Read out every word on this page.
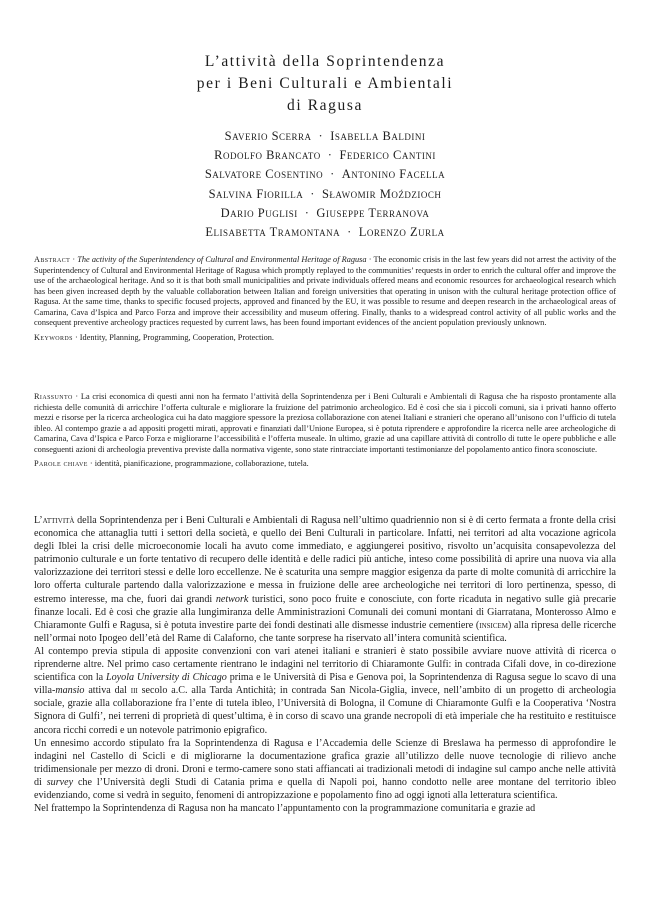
L’attività della Soprintendenza
per i Beni Culturali e Ambientali
di Ragusa
Saverio Scerra · Isabella Baldini
Rodolfo Brancato · Federico Cantini
Salvatore Cosentino · Antonino Facella
Salvina Fiorilla · Sławomir Moździoch
Dario Puglisi · Giuseppe Terranova
Elisabetta Tramontana · Lorenzo Zurla

Abstract · The activity of the Superintendency of Cultural and Environmental Heritage of Ragusa · The economic crisis in the last few years did not arrest the activity of the Superintendency of Cultural and Environmental Heritage of Ragusa which promptly replayed to the communities’ requests in order to enrich the cultural offer and improve the use of the archaeological heritage. And so it is that both small municipalities and private individuals offered means and economic resources for archaeological research which has been given increased depth by the valuable collaboration between Italian and foreign universities that operating in unison with the cultural heritage protection office of Ragusa. At the same time, thanks to specific focused projects, approved and financed by the EU, it was possible to resume and deepen research in the archaeological areas of Camarina, Cava d’Ispica and Parco Forza and improve their accessibility and museum offering. Finally, thanks to a widespread control activity of all public works and the consequent preventive archeology practices requested by current laws, has been found important evidences of the ancient population previously unknown.

Keywords · Identity, Planning, Programming, Cooperation, Protection.

Riassunto · La crisi economica di questi anni non ha fermato l’attività della Soprintendenza per i Beni Culturali e Ambientali di Ragusa che ha risposto prontamente alla richiesta delle comunità di arricchire l’offerta culturale e migliorare la fruizione del patrimonio archeologico. Ed è così che sia i piccoli comuni, sia i privati hanno offerto mezzi e risorse per la ricerca archeologica cui ha dato maggiore spessore la preziosa collaborazione con atenei Italiani e stranieri che operano all’unisono con l’ufficio di tutela ibleo. Al contempo grazie a ad appositi progetti mirati, approvati e finanziati dall’Unione Europea, si è potuta riprendere e approfondire la ricerca nelle aree archeologiche di Camarina, Cava d’Ispica e Parco Forza e migliorarne l’accessibilità e l’offerta museale. In ultimo, grazie ad una capillare attività di controllo di tutte le opere pubbliche e alle conseguenti azioni di archeologia preventiva previste dalla normativa vigente, sono state rintracciate importanti testimonianze del popolamento antico finora sconosciute.

Parole chiave · identità, pianificazione, programmazione, collaborazione, tutela.

L’attività della Soprintendenza per i Beni Culturali e Ambientali di Ragusa nell’ultimo quadriennio non si è di certo fermata a fronte della crisi economica che attanaglia tutti i settori della società, e quello dei Beni Culturali in particolare. Infatti, nei territori ad alta vocazione agricola degli Iblei la crisi delle microeconomie locali ha avuto come immediato, e aggiungerei positivo, risvolto un’acquisita consapevolezza del patrimonio culturale e un forte tentativo di recupero delle identità e delle radici più antiche, inteso come possibilità di aprire una nuova via alla valorizzazione dei territori stessi e delle loro eccellenze. Ne è scaturita una sempre maggior esigenza da parte di molte comunità di arricchire la loro offerta culturale partendo dalla valorizzazione e messa in fruizione delle aree archeologiche nei territori di loro pertinenza, spesso, di estremo interesse, ma che, fuori dai grandi network turistici, sono poco fruite e conosciute, con forte ricaduta in negativo sulle già precarie finanze locali. Ed è così che grazie alla lungimiranza delle Amministrazioni Comunali dei comuni montani di Giarratana, Monterosso Almo e Chiaramonte Gulfi e Ragusa, si è potuta investire parte dei fondi destinati alle dismesse industrie cementiere (insicem) alla ripresa delle ricerche nell’ormai noto Ipogeo dell’età del Rame di Calaforno, che tante sorprese ha riservato all’intera comunità scientifica.

Al contempo previa stipula di apposite convenzioni con vari atenei italiani e stranieri è stato possibile avviare nuove attività di ricerca o riprenderne altre. Nel primo caso certamente rientrano le indagini nel territorio di Chiaramonte Gulfi: in contrada Cifali dove, in co-direzione scientifica con la Loyola University di Chicago prima e le Università di Pisa e Genova poi, la Soprintendenza di Ragusa segue lo scavo di una villa-mansio attiva dal iii secolo a.C. alla Tarda Antichità; in contrada San Nicola-Giglia, invece, nell’ambito di un progetto di archeologia sociale, grazie alla collaborazione fra l’ente di tutela ibleo, l’Università di Bologna, il Comune di Chiaramonte Gulfi e la Cooperativa ‘Nostra Signora di Gulfi’, nei terreni di proprietà di quest’ultima, è in corso di scavo una grande necropoli di età imperiale che ha restituito e restituisce ancora ricchi corredi e un notevole patrimonio epigrafico.

Un ennesimo accordo stipulato fra la Soprintendenza di Ragusa e l’Accademia delle Scienze di Breslawa ha permesso di approfondire le indagini nel Castello di Scicli e di migliorarne la documentazione grafica grazie all’utilizzo delle nuove tecnologie di rilievo anche tridimensionale per mezzo di droni. Droni e termo-camere sono stati affiancati ai tradizionali metodi di indagine sul campo anche nelle attività di survey che l’Università degli Studi di Catania prima e quella di Napoli poi, hanno condotto nelle aree montane del territorio ibleo evidenziando, come si vedrà in seguito, fenomeni di antropizzazione e popolamento fino ad oggi ignoti alla letteratura scientifica.

Nel frattempo la Soprintendenza di Ragusa non ha mancato l’appuntamento con la programmazione comunitaria e grazie ad
